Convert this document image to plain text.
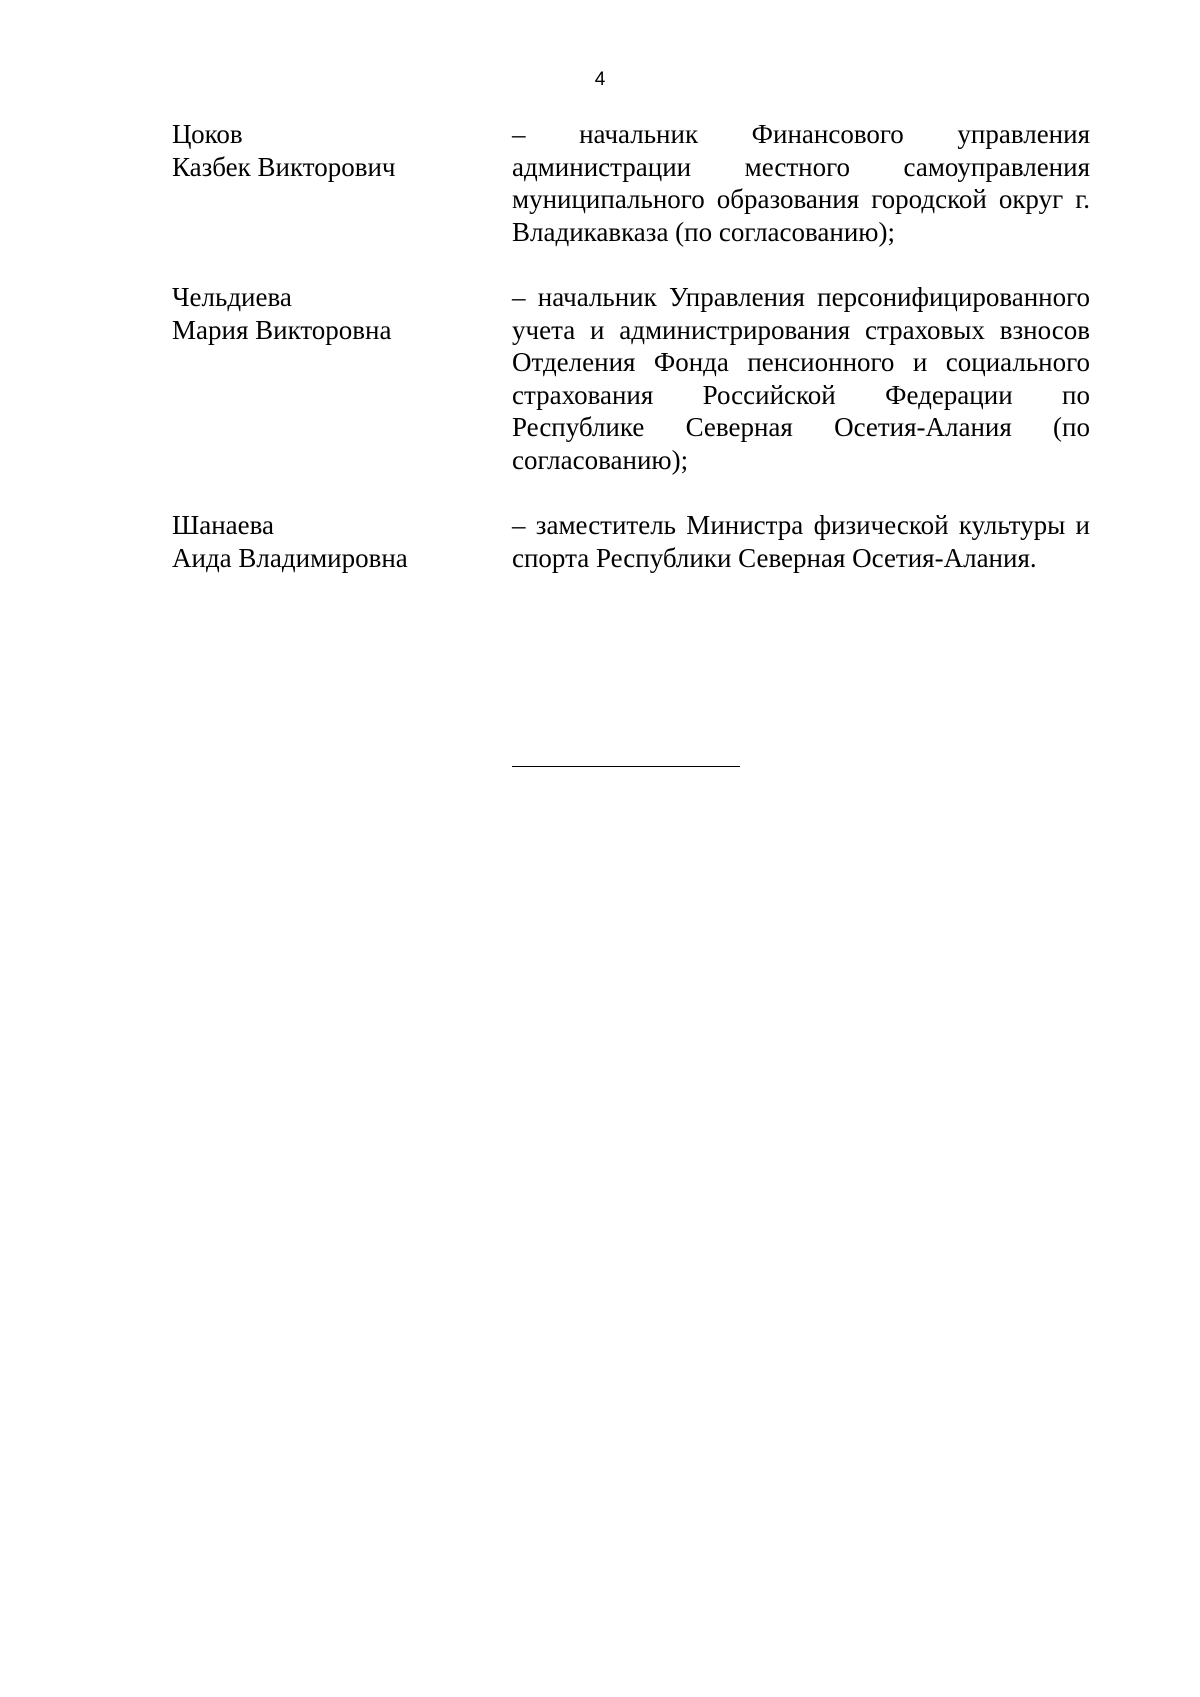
4
Цоков
Казбек Викторович
– начальник Финансового управления администрации местного самоуправления муниципального образования городской округ г. Владикавказа (по согласованию);
Чельдиева
Мария Викторовна
– начальник Управления персонифицированного учета и администрирования страховых взносов Отделения Фонда пенсионного и социального страхования Российской Федерации по Республике Северная Осетия-Алания (по согласованию);
Шанаева
Аида Владимировна
– заместитель Министра физической культуры и спорта Республики Северная Осетия-Алания.
